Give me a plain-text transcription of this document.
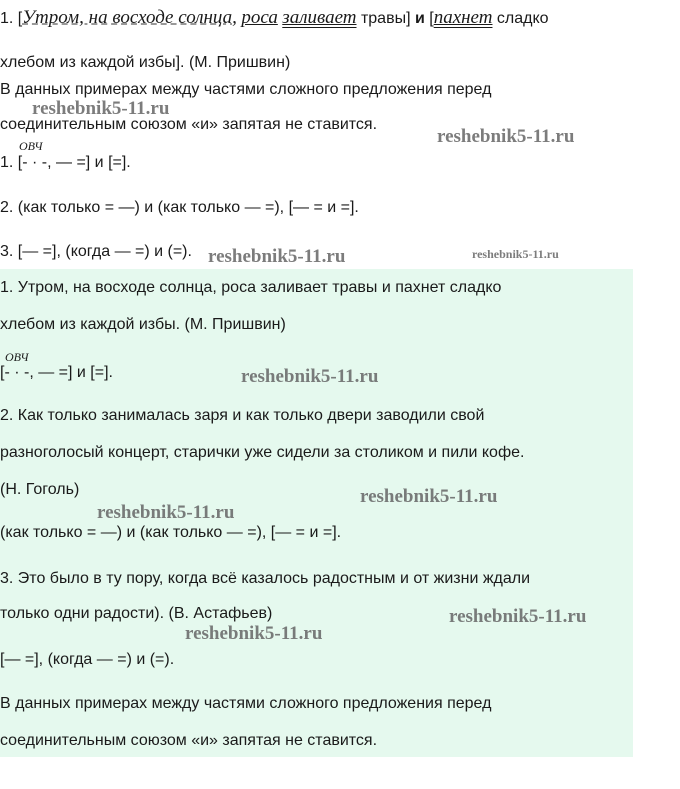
1. [Утром, на восходе солнца, роса заливает травы] и [пахнет сладко
хлебом из каждой избы]. (М. Пришвин)
В данных примерах между частями сложного предложения перед
соединительным союзом «и» запятая не ставится.
ОВЧ
1. [- · -, — =] и [=].
2. (как только = —) и (как только — =), [— = и =].
3. [— =], (когда — =) и (=).
1. Утром, на восходе солнца, роса заливает травы и пахнет сладко
хлебом из каждой избы. (М. Пришвин)
ОВЧ
[- · -, — =] и [=].
2. Как только занималась заря и как только двери заводили свой
разноголосый концерт, старички уже сидели за столиком и пили кофе.
(Н. Гоголь)
(как только = —) и (как только — =), [— = и =].
3. Это было в ту пору, когда всё казалось радостным и от жизни ждали
только одни радости). (В. Астафьев)
[— =], (когда — =) и (=).
В данных примерах между частями сложного предложения перед
соединительным союзом «и» запятая не ставится.
reshebnik5-11.ru
reshebnik5-11.ru
reshebnik5-11.ru	reshebnik5-11.ru
reshebnik5-11.ru
reshebnik5-11.ru
reshebnik5-11.ru
reshebnik5-11.ru
reshebnik5-11.ru
